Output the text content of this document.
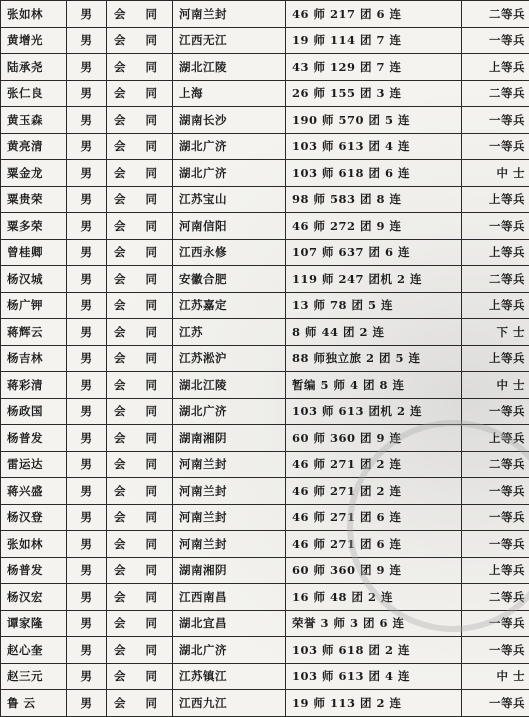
张如林	男	会 同	河南兰封	46 师 217 团 6 连	二等兵
黄增光	男	会 同	江西无江	19 师 114 团 7 连	一等兵
陆承尧	男	会 同	湖北江陵	43 师 129 团 7 连	上等兵
张仁良	男	会 同	上海	26 师 155 团 3 连	二等兵
黄玉森	男	会 同	湖南长沙	190 师 570 团 5 连	一等兵
黄亮清	男	会 同	湖北广济	103 师 613 团 4 连	一等兵
粟金龙	男	会 同	湖北广济	103 师 618 团 6 连	中 士
粟贵荣	男	会 同	江苏宝山	98 师 583 团 8 连	上等兵
粟多荣	男	会 同	河南信阳	46 师 272 团 9 连	一等兵
曾桂卿	男	会 同	江西永修	107 师 637 团 6 连	上等兵
杨汉城	男	会 同	安徽合肥	119 师 247 团机 2 连	二等兵
杨广钾	男	会 同	江苏嘉定	13 师 78 团 5 连	上等兵
蒋辉云	男	会 同	江苏	8 师 44 团 2 连	下 士
杨吉林	男	会 同	江苏淞沪	88 师独立旅 2 团 5 连	上等兵
蒋彩清	男	会 同	湖北江陵	暂编 5 师 4 团 8 连	中 士
杨政国	男	会 同	湖北广济	103 师 613 团机 2 连	一等兵
杨普发	男	会 同	湖南湘阴	60 师 360 团 9 连	上等兵
雷运达	男	会 同	河南兰封	46 师 271 团 2 连	二等兵
蒋兴盛	男	会 同	河南兰封	46 师 271 团 2 连	一等兵
杨汉登	男	会 同	河南兰封	46 师 271 团 6 连	一等兵
张如林	男	会 同	河南兰封	46 师 271 团 6 连	一等兵
杨普发	男	会 同	湖南湘阴	60 师 360 团 9 连	上等兵
杨汉宏	男	会 同	江西南昌	16 师 48 团 2 连	二等兵
谭家隆	男	会 同	湖北宜昌	荣誉 3 师 3 团 6 连	一等兵
赵心奎	男	会 同	湖北广济	103 师 618 团 2 连	一等兵
赵三元	男	会 同	江苏镇江	103 师 613 团 4 连	中 士
鲁 云	男	会 同	江西九江	19 师 113 团 2 连	一等兵
